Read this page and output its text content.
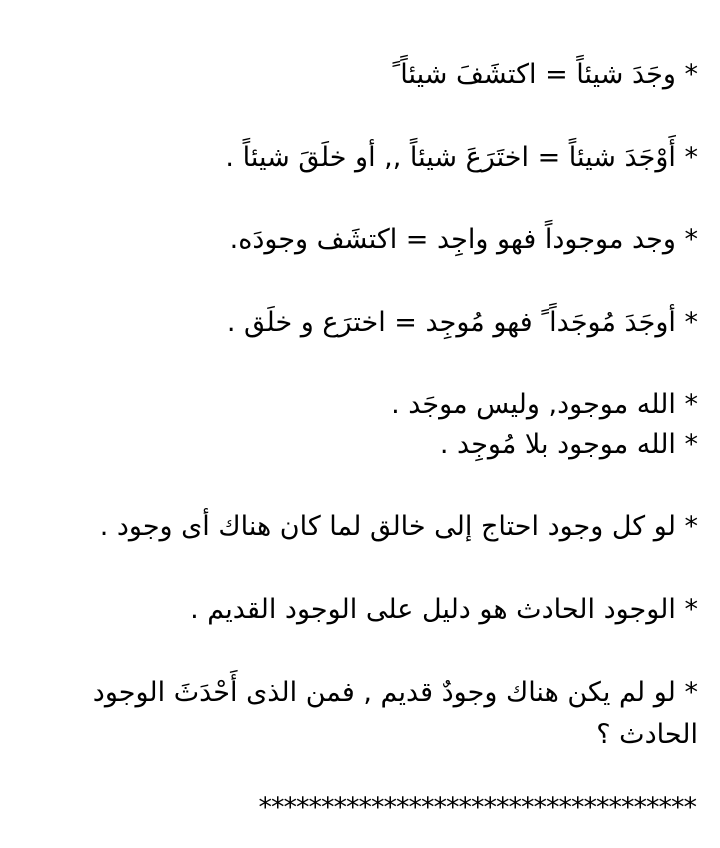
* وجَدَ شيئاً = اكتشَفَ شيئاً ً
* أَوْجَدَ شيئاً = اختَرَعَ شيئاً ,, أو خلَقَ شيئاً .
* وجد موجوداً فهو واجِد = اكتشَف وجودَه.
* أوجَدَ مُوجَداً ً فهو مُوجِد = اخترَع و خلَق .
* الله موجود, وليس موجَد .
* الله موجود بلا مُوجِد .
* لو كل وجود احتاج إلى خالق لما كان هناك أى وجود .
* الوجود الحادث هو دليل على الوجود القديم .
* لو لم يكن هناك وجودٌ قديم , فمن الذى أَحْدَثَ الوجود الحادث ؟
***********************************
